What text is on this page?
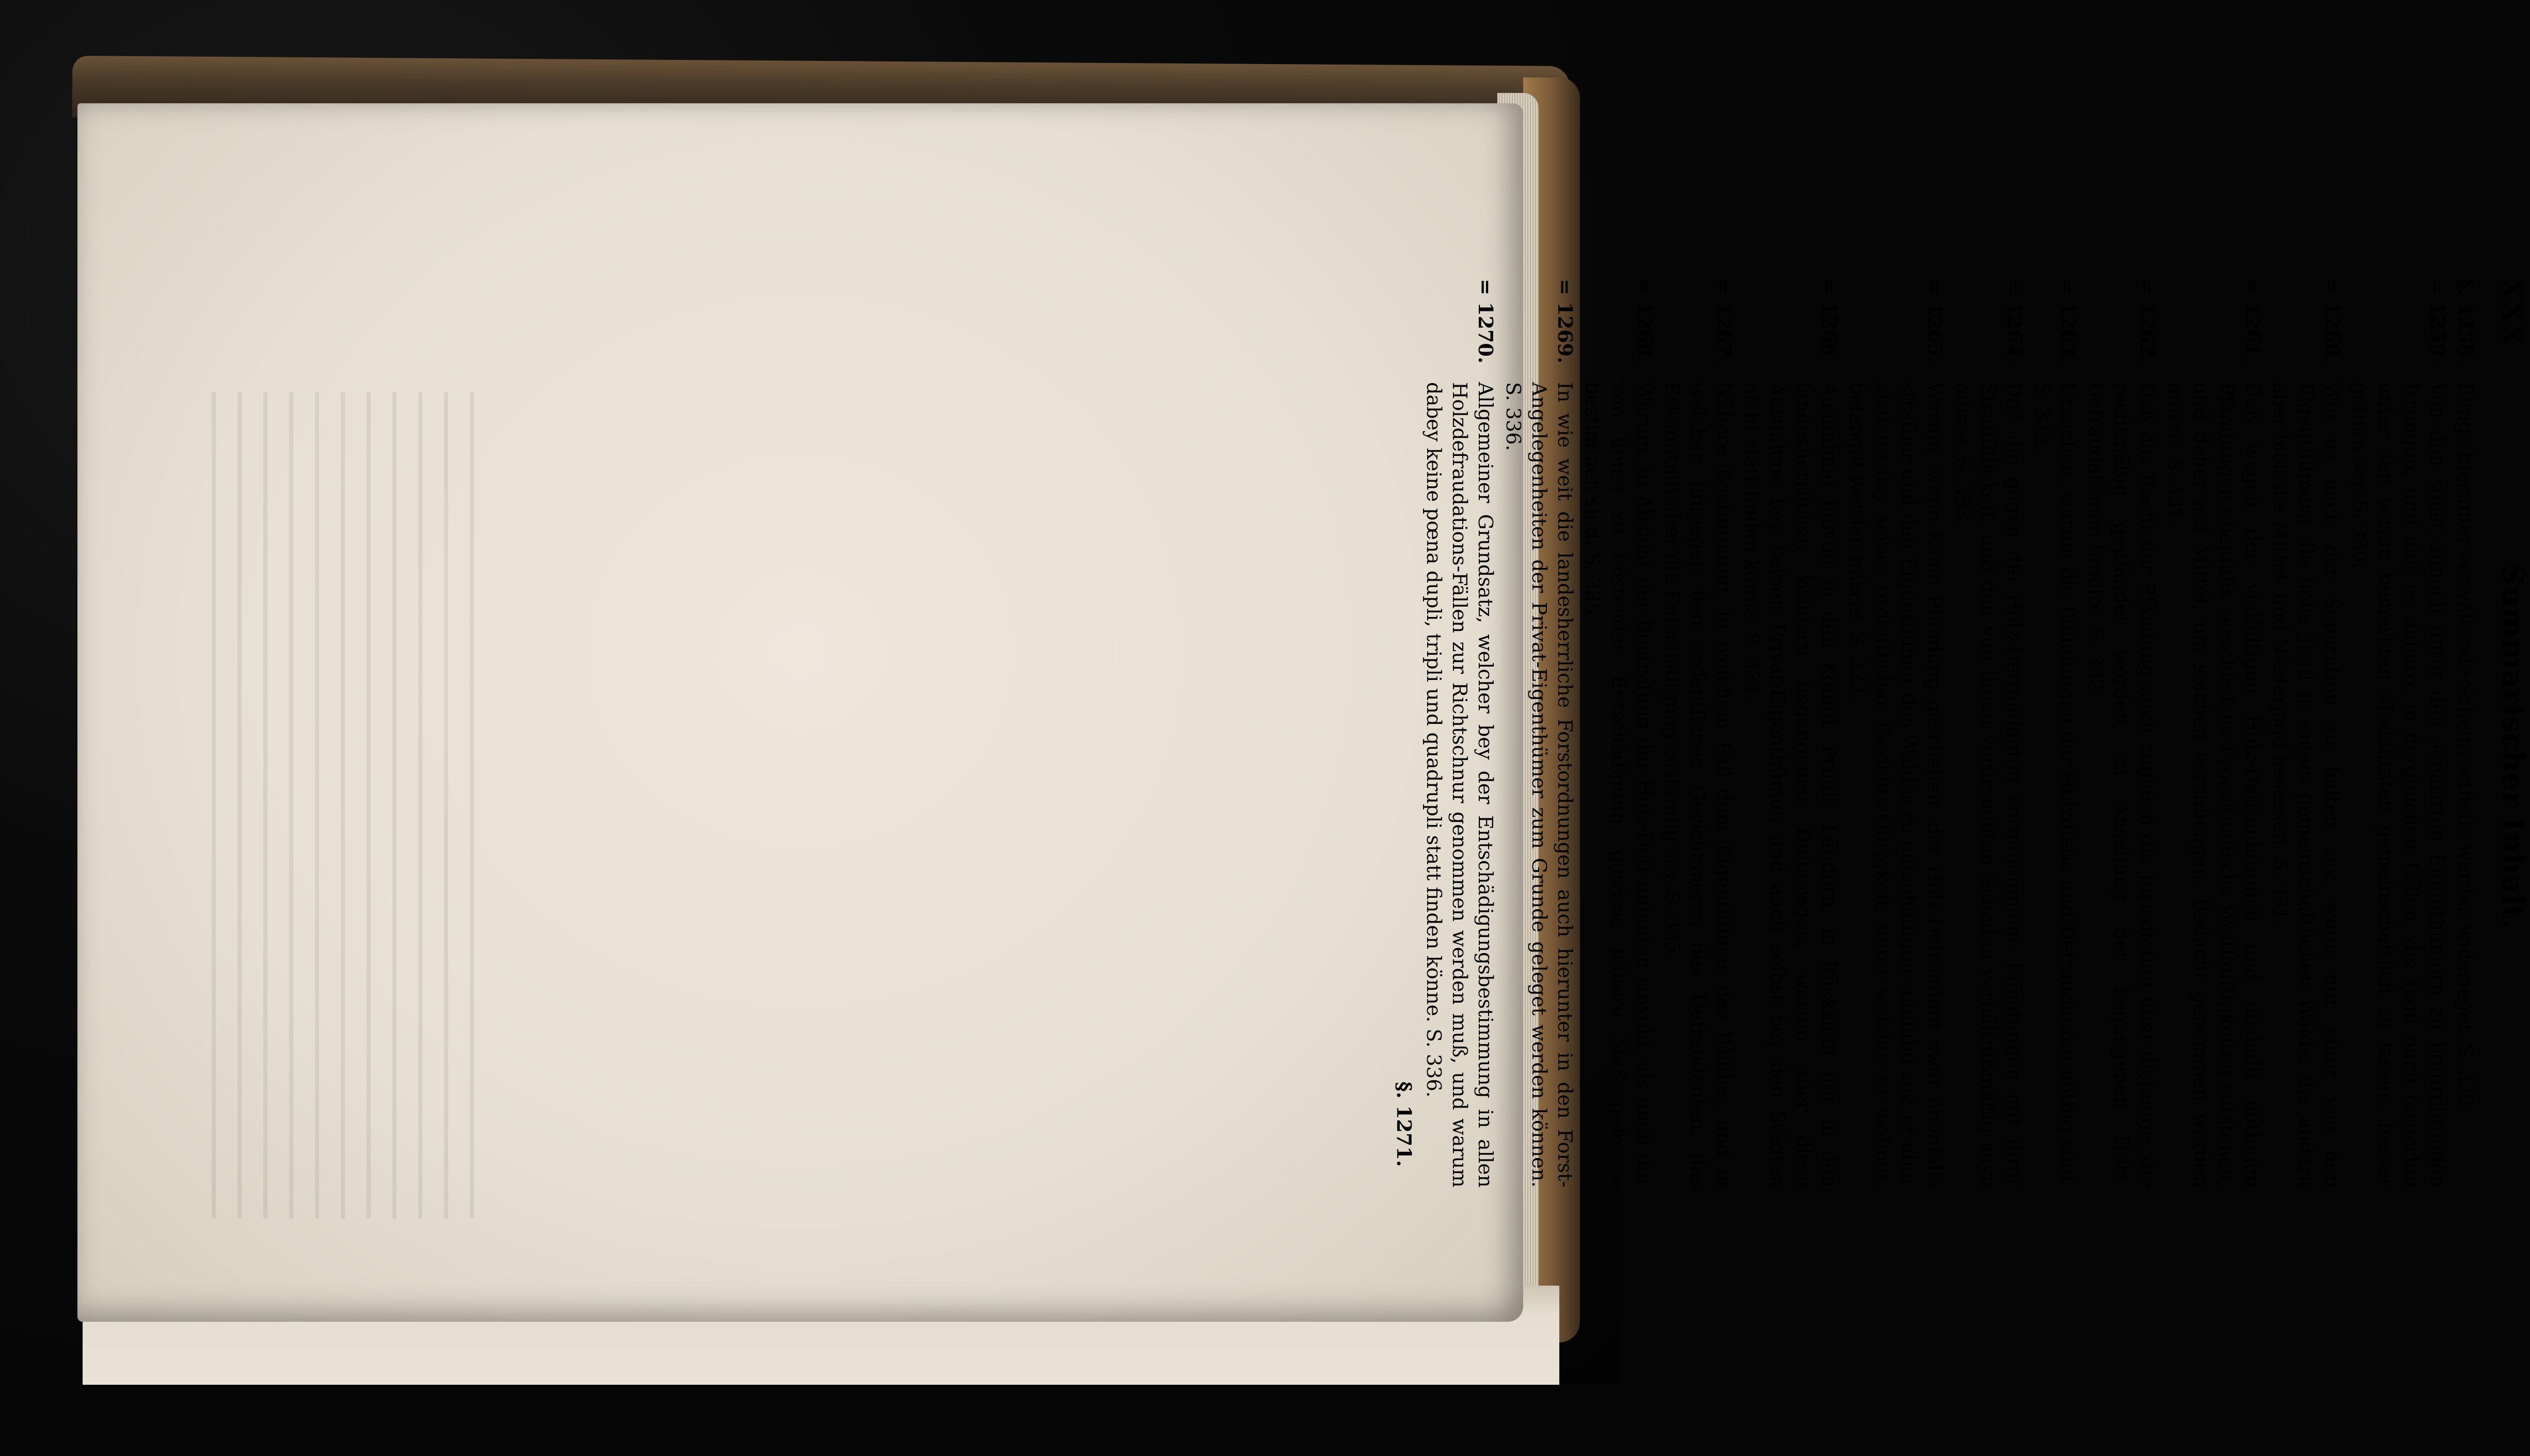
XXX
Summarischer Inhalt.
§. 1258.
Einige hierunter vorwaltende Scheinvortheile werden widerleget. S. 329.
= 1259.
Von den sonst annoch unter den separirten Eigenthümern zu befürchtenden Irrungen, und daß es dahero, in dergleichen Fällen, die Jagd noch fernerhin unter den vorhin bemerkten Modalitäten gemeinschaftlich zu lassen, besser gethan sey. S. 330.
= 1260.
Wie es nach der Separation zu halten sey, wenn nur einer von den Eigenthümern die hohe Jagd in einem gemeinschaftlichen Walde, die andern aber bloß die Mittel- und Niederjagd besessen. S. 331.
= 1261.
Daß wegen der vielfältigen Holz-Defraudationen und deshalb nöthigen Pfändungen ebenfalls verschiedene Proceßualische Weitläuftigkeiten entstehen, und daher auf Mittel, um solchen vorzubeugen, Bedacht genommen werden müsse. S. 331.
= 1262.
Daß das Recht der Pfändung auch zugleich die Jurisdiction über diejenige, die rechtmäßig gepfändet worden, in Ansehung der begangenen Holz-Defraudationen fundire. S. 332.
= 1263.
Ursachen, warum die Pfändungen der Holzdiebe und Defraudanten nöthig sind. S. 332.
= 1264.
Daß die gegen die Holz-Defraudanten vorgenommene Pfändungen mit ihrer Straffälligkeit, und den von ihnen verursachten Schaden verhältnißmäßig seyn müsse. S. 333.
= 1265.
Warum, wenn keine Pfändung geschehen, der Holz-Defraudant zwar ebenfalls strafbar und den Eigenthümer des Waldes zu entschädigen schuldig sey, er aber alsdenn bey seiner ordentlichen Gerichts-Obrigkeit, unter welcher er wohnet, belanget werden müsse. S. 333.
= 1266.
Ausnahme hievon in den Königl. Preuß. Ländern, in Rücksicht der in den landesherrlichen Wäldern begangenen Dieberegen, warum aber diese Ausnahme bey keinen Privat-Eigenthümer, und auch selbst bey den Städten nicht statt finden könne. S. 334.
= 1267.
Nähere Bestimmung, in welchem Fall dem Eigenthümer des Waldes, und in welchen hingegen den ordentlichen Gerichtsherrn des Defraudanten, das Erkänntniß über die Entschädigung zuständig sey. S. 335.
= 1268.
Warum, in Absicht der Bestrafung der Holz-Defraudanten sowohl, als auch der von ihnen zu leistenden Entschädigung, gewisse nähere Maßregeln zu bestimmen sind. S. 335.
= 1269.
In wie weit die landesherrliche Forstordnungen auch hierunter in den Forst-Angelegenheiten der Privat-Eigenthümer zum Grunde geleget werden können. S. 336.
= 1270.
Allgemeiner Grundsatz, welcher bey der Entschädigungsbestimmung in allen Holzdefraudations-Fällen zur Richtschnur genommen werden muß, und warum dabey keine pœna dupli, tripli und quadrupli statt finden könne. S. 336.
§. 1271.
